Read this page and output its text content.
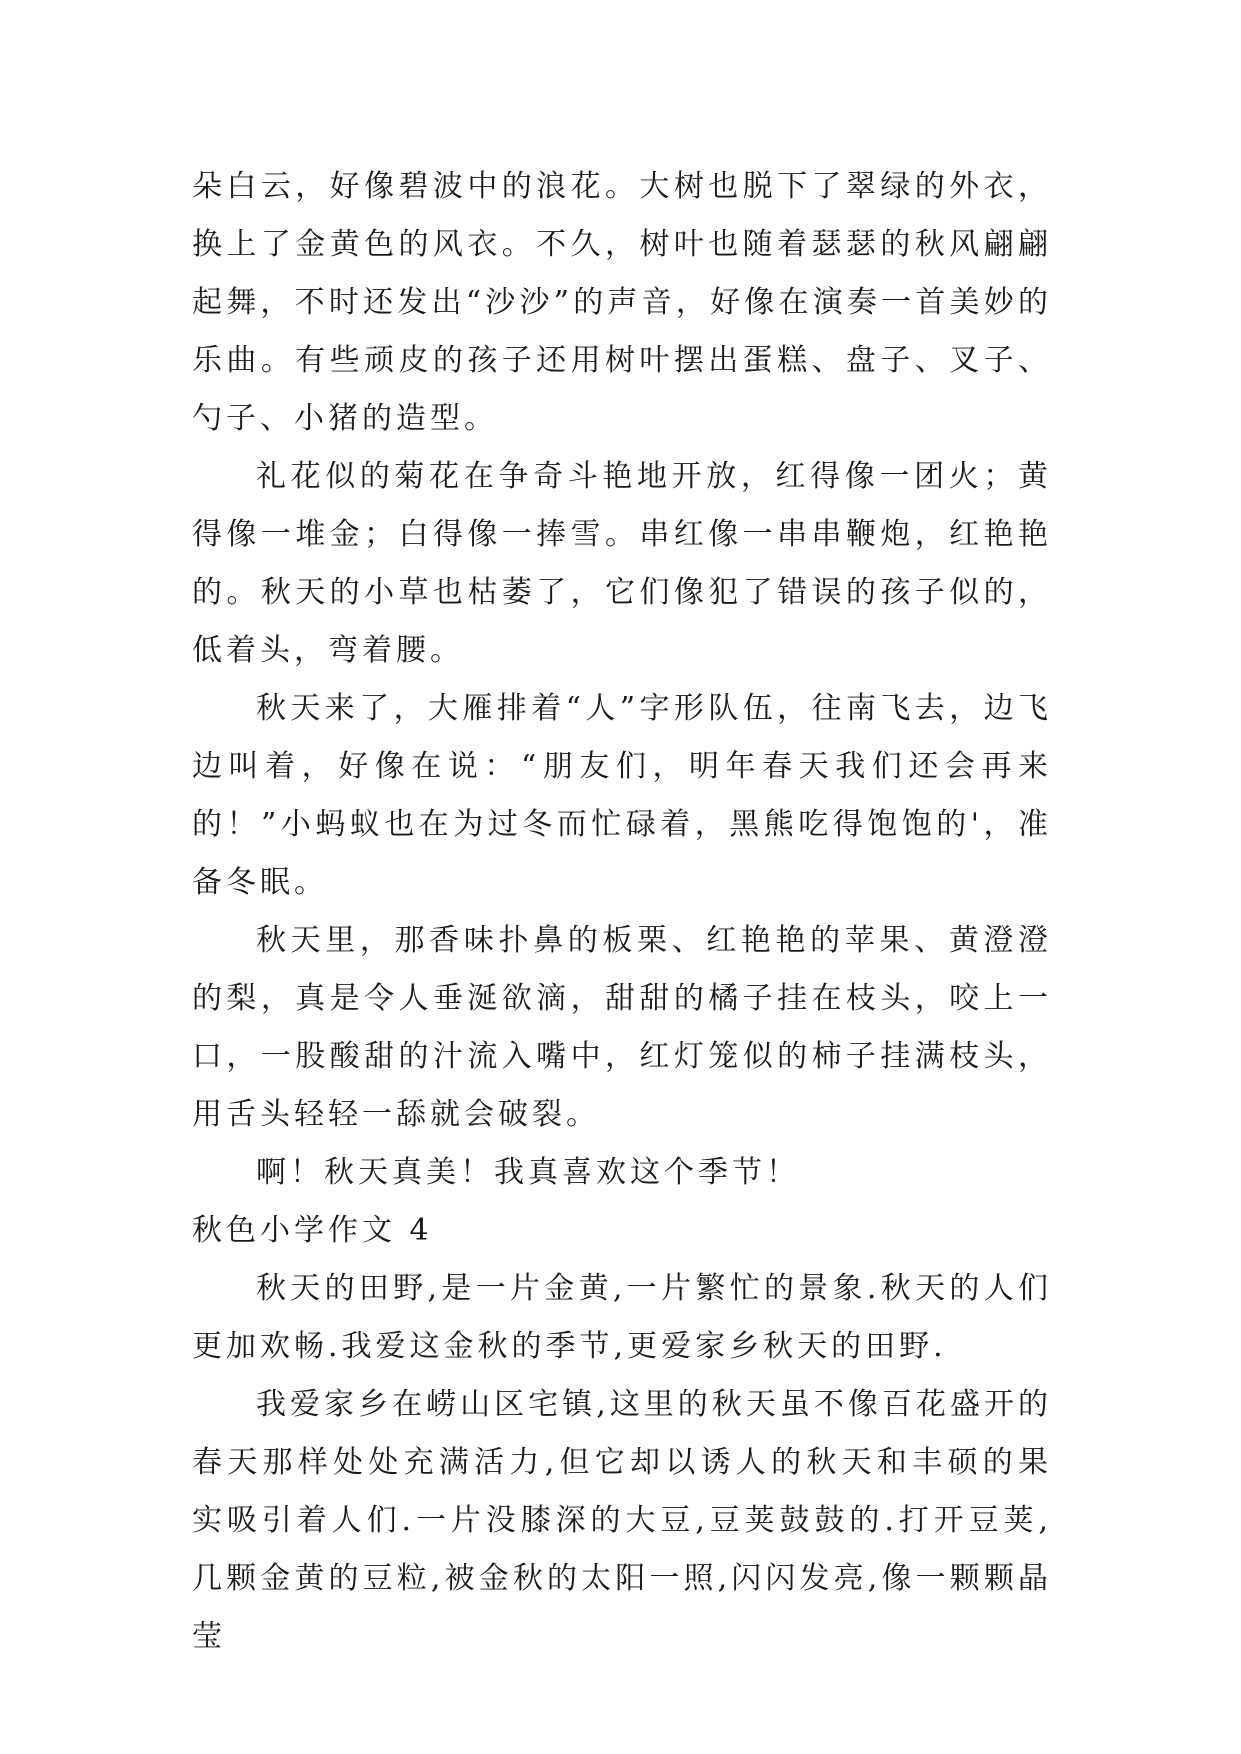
朵白云，好像碧波中的浪花。大树也脱下了翠绿的外衣，换上了金黄色的风衣。不久，树叶也随着瑟瑟的秋风翩翩起舞，不时还发出“沙沙”的声音，好像在演奏一首美妙的乐曲。有些顽皮的孩子还用树叶摆出蛋糕、盘子、叉子、勺子、小猪的造型。

礼花似的菊花在争奇斗艳地开放，红得像一团火；黄得像一堆金；白得像一捧雪。串红像一串串鞭炮，红艳艳的。秋天的小草也枯萎了，它们像犯了错误的孩子似的，低着头，弯着腰。

秋天来了，大雁排着“人”字形队伍，往南飞去，边飞边叫着，好像在说：“朋友们，明年春天我们还会再来的！”小蚂蚁也在为过冬而忙碌着，黑熊吃得饱饱的'，准备冬眠。

秋天里，那香味扑鼻的板栗、红艳艳的苹果、黄澄澄的梨，真是令人垂涎欲滴，甜甜的橘子挂在枝头，咬上一口，一股酸甜的汁流入嘴中，红灯笼似的柿子挂满枝头，用舌头轻轻一舔就会破裂。

啊！秋天真美！我真喜欢这个季节！

秋色小学作文 4

秋天的田野,是一片金黄,一片繁忙的景象.秋天的人们更加欢畅.我爱这金秋的季节,更爱家乡秋天的田野.

我爱家乡在崂山区宅镇,这里的秋天虽不像百花盛开的春天那样处处充满活力,但它却以诱人的秋天和丰硕的果实吸引着人们.一片没膝深的大豆,豆荚鼓鼓的.打开豆荚,几颗金黄的豆粒,被金秋的太阳一照,闪闪发亮,像一颗颗晶莹
